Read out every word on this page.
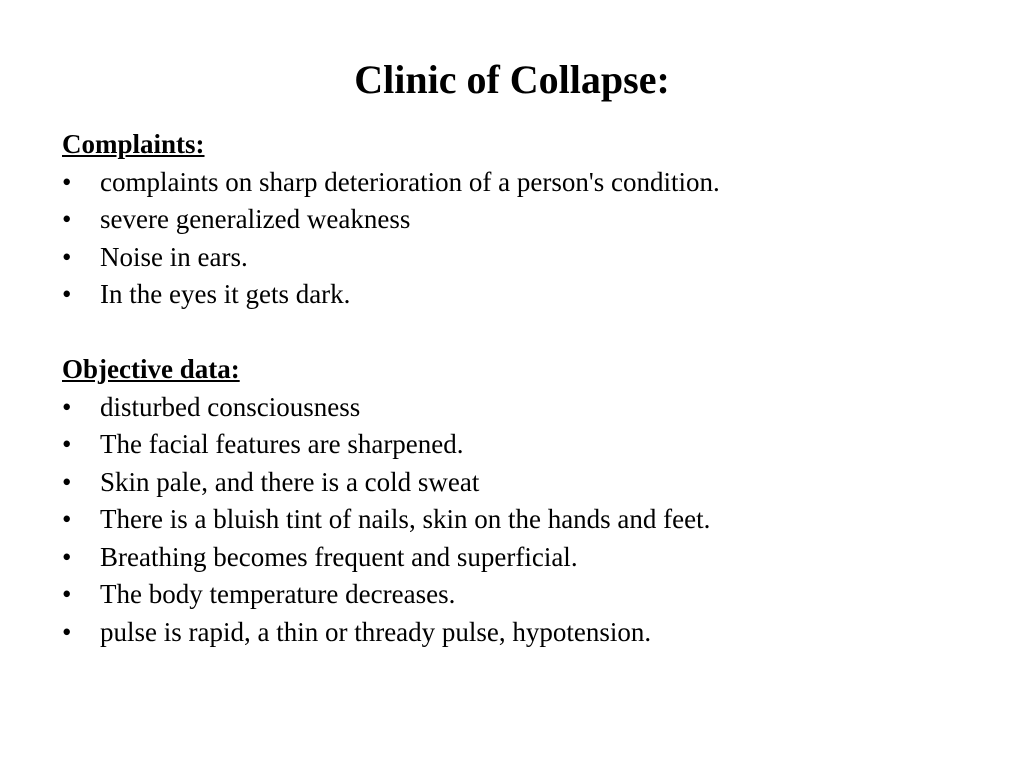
Clinic of Collapse:

Complaints:

•	complaints on sharp deterioration of a person's condition.
•	severe generalized weakness
•	Noise in ears.
•	In the eyes it gets dark.

Objective data:

•	disturbed consciousness
•	The facial features are sharpened.
•	Skin pale, and there is a cold sweat
•	There is a bluish tint of nails, skin on the hands and feet.
•	Breathing becomes frequent and superficial.
•	The body temperature decreases.
•	pulse is rapid, a thin or thready pulse, hypotension.
